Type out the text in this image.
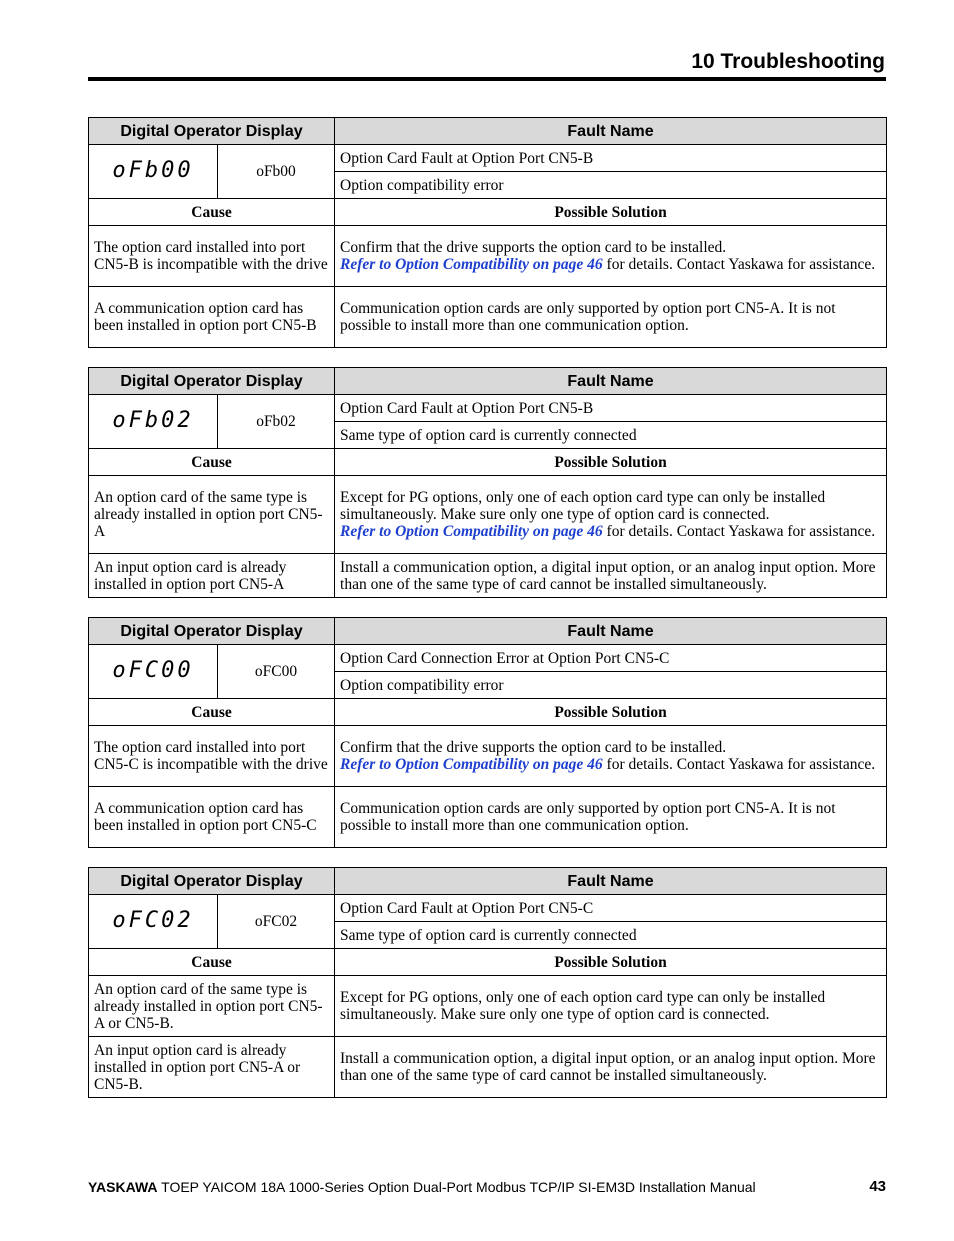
10 Troubleshooting
Digital Operator Display		Fault Name
oFb00	oFb00	Option Card Fault at Option Port CN5-B
		Option compatibility error
Cause		Possible Solution
The option card installed into port CN5-B is incompatible with the drive		Confirm that the drive supports the option card to be installed.
Refer to Option Compatibility on page 46 for details. Contact Yaskawa for assistance.
A communication option card has been installed in option port CN5-B		Communication option cards are only supported by option port CN5-A. It is not possible to install more than one communication option.
Digital Operator Display		Fault Name
oFb02	oFb02	Option Card Fault at Option Port CN5-B
		Same type of option card is currently connected
Cause		Possible Solution
An option card of the same type is already installed in option port CN5-A		Except for PG options, only one of each option card type can only be installed simultaneously. Make sure only one type of option card is connected.
Refer to Option Compatibility on page 46 for details. Contact Yaskawa for assistance.
An input option card is already installed in option port CN5-A		Install a communication option, a digital input option, or an analog input option. More than one of the same type of card cannot be installed simultaneously.
Digital Operator Display		Fault Name
oFC00	oFC00	Option Card Connection Error at Option Port CN5-C
		Option compatibility error
Cause		Possible Solution
The option card installed into port CN5-C is incompatible with the drive		Confirm that the drive supports the option card to be installed.
Refer to Option Compatibility on page 46 for details. Contact Yaskawa for assistance.
A communication option card has been installed in option port CN5-C		Communication option cards are only supported by option port CN5-A. It is not possible to install more than one communication option.
Digital Operator Display		Fault Name
oFC02	oFC02	Option Card Fault at Option Port CN5-C
		Same type of option card is currently connected
Cause		Possible Solution
An option card of the same type is already installed in option port CN5-A or CN5-B.		Except for PG options, only one of each option card type can only be installed simultaneously. Make sure only one type of option card is connected.
An input option card is already installed in option port CN5-A or CN5-B.		Install a communication option, a digital input option, or an analog input option. More than one of the same type of card cannot be installed simultaneously.
YASKAWA TOEP YAICOM 18A 1000-Series Option Dual-Port Modbus TCP/IP SI-EM3D Installation Manual	43
